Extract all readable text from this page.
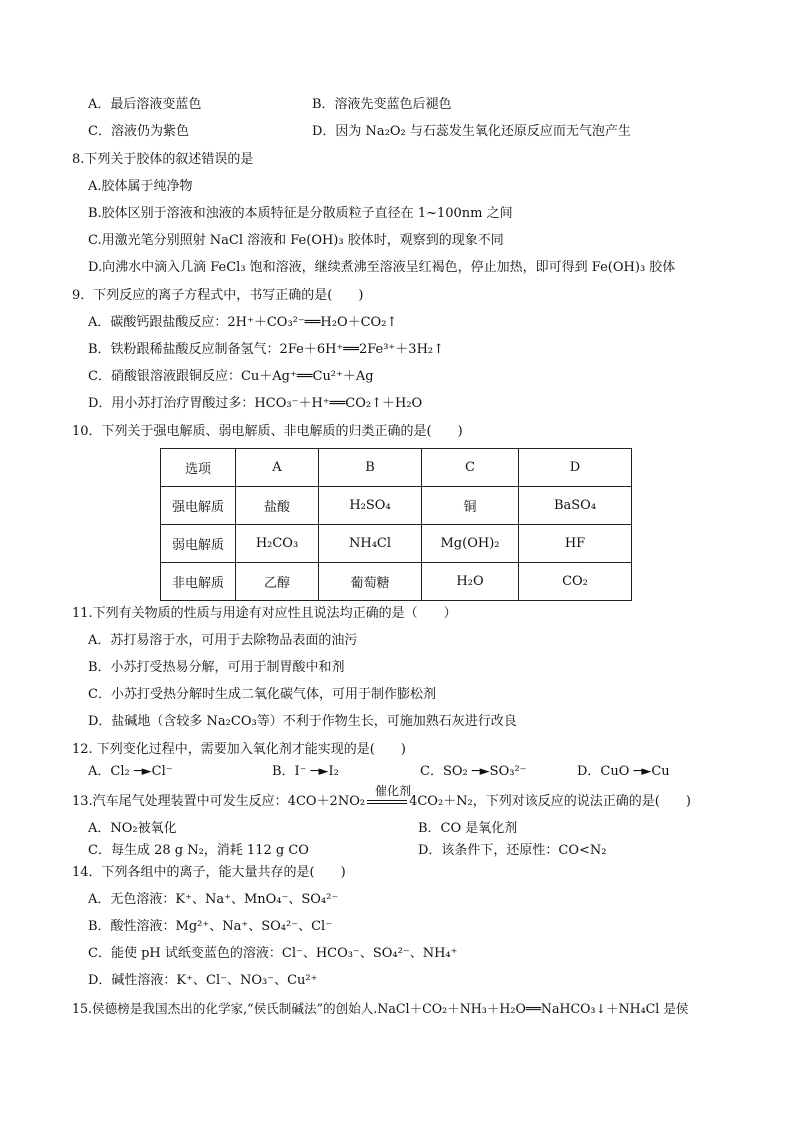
A．最后溶液变蓝色	B．溶液先变蓝色后褪色
C．溶液仍为紫色	D．因为 Na₂O₂ 与石蕊发生氧化还原反应而无气泡产生
8.下列关于胶体的叙述错误的是
A.胶体属于纯净物
B.胶体区别于溶液和浊液的本质特征是分散质粒子直径在 1~100nm 之间
C.用激光笔分别照射 NaCl 溶液和 Fe(OH)₃ 胶体时，观察到的现象不同
D.向沸水中滴入几滴 FeCl₃ 饱和溶液，继续煮沸至溶液呈红褐色，停止加热，即可得到 Fe(OH)₃ 胶体
9．下列反应的离子方程式中，书写正确的是(　　)
A．碳酸钙跟盐酸反应：2H⁺＋CO₃²⁻══H₂O＋CO₂↑
B．铁粉跟稀盐酸反应制备氢气：2Fe＋6H⁺══2Fe³⁺＋3H₂↑
C．硝酸银溶液跟铜反应：Cu＋Ag⁺══Cu²⁺＋Ag
D．用小苏打治疗胃酸过多：HCO₃⁻＋H⁺══CO₂↑＋H₂O
10．下列关于强电解质、弱电解质、非电解质的归类正确的是(　　)
选项	A	B	C	D
强电解质	盐酸	H₂SO₄	铜	BaSO₄
弱电解质	H₂CO₃	NH₄Cl	Mg(OH)₂	HF
非电解质	乙醇	葡萄糖	H₂O	CO₂
11.下列有关物质的性质与用途有对应性且说法均正确的是（　　）
A．苏打易溶于水，可用于去除物品表面的油污
B．小苏打受热易分解，可用于制胃酸中和剂
C．小苏打受热分解时生成二氧化碳气体，可用于制作膨松剂
D．盐碱地（含较多 Na₂CO₃等）不利于作物生长，可施加熟石灰进行改良
12. 下列变化过程中，需要加入氧化剂才能实现的是(　　)
A．Cl₂ ─►Cl⁻	B．I⁻ ─►I₂	C．SO₂ ─►SO₃²⁻	D．CuO ─►Cu
催化剂
13.汽车尾气处理装置中可发生反应：4CO＋2NO₂	4CO₂＋N₂，下列对该反应的说法正确的是(　　)
A．NO₂被氧化	B．CO 是氧化剂
C．每生成 28 g N₂，消耗 112 g CO	D．该条件下，还原性：CO<N₂
14．下列各组中的离子，能大量共存的是(　　)
A．无色溶液：K⁺、Na⁺、MnO₄⁻、SO₄²⁻
B．酸性溶液：Mg²⁺、Na⁺、SO₄²⁻、Cl⁻
C．能使 pH 试纸变蓝色的溶液：Cl⁻、HCO₃⁻、SO₄²⁻、NH₄⁺
D．碱性溶液：K⁺、Cl⁻、NO₃⁻、Cu²⁺
15.侯德榜是我国杰出的化学家,“侯氏制碱法”的创始人.NaCl＋CO₂＋NH₃＋H₂O══NaHCO₃↓＋NH₄Cl 是侯
